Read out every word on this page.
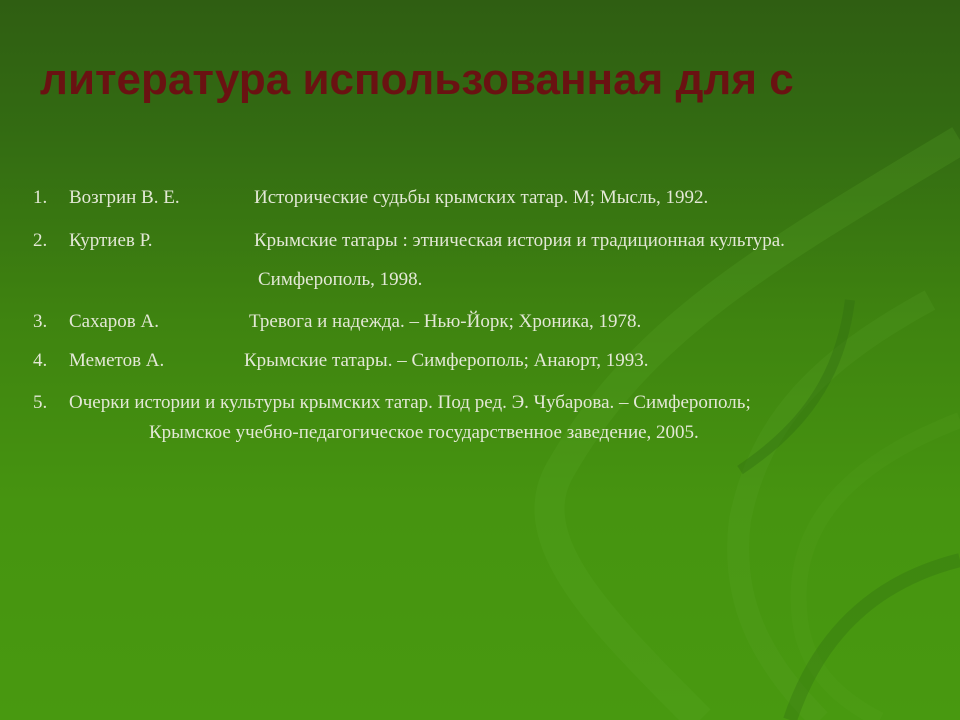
литература использованная для с
1. Возгрин В. Е.	Исторические судьбы крымских татар. М; Мысль, 1992.
2. Куртиев Р.	Крымские татары : этническая история и традиционная культура.
Симферополь, 1998.
3. Сахаров А.	Тревога и надежда. – Нью-Йорк; Хроника, 1978.
4. Меметов А.	Крымские татары. – Симферополь; Анаюрт, 1993.
5. Очерки истории и культуры крымских татар. Под ред. Э. Чубарова. – Симферополь;
Крымское учебно-педагогическое государственное заведение, 2005.
